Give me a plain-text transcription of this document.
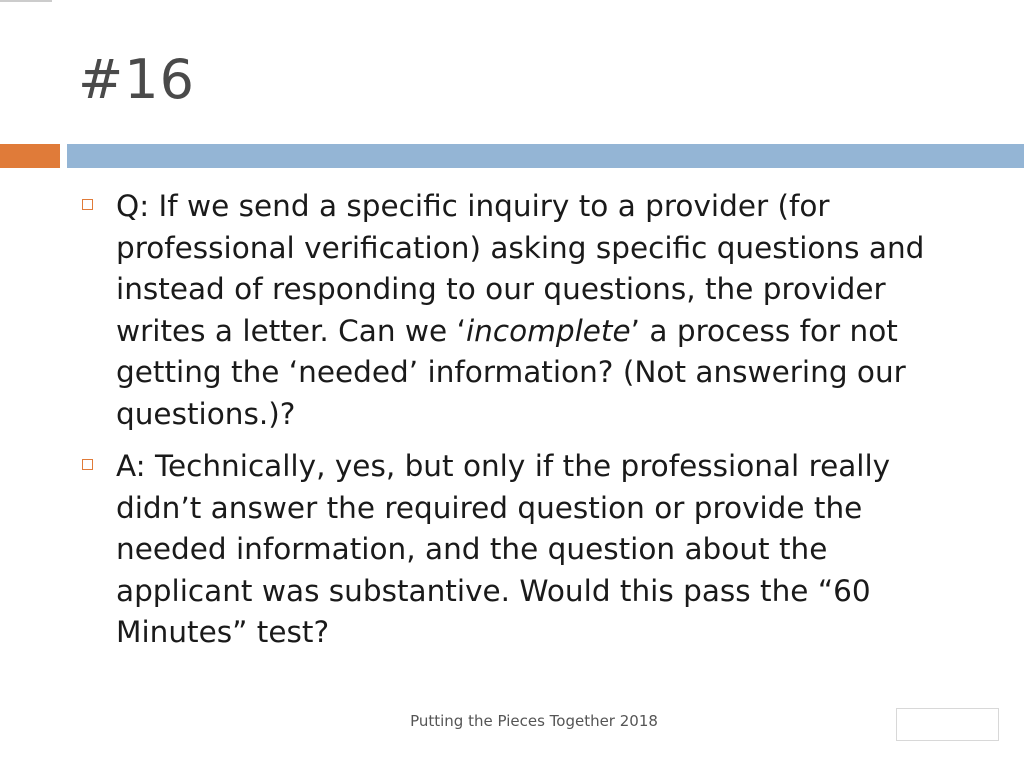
#16
Q: If we send a specific inquiry to a provider (for professional verification) asking specific questions and instead of responding to our questions, the provider writes a letter. Can we ‘incomplete’ a process for not getting the ‘needed’ information? (Not answering our questions.)?
A: Technically, yes, but only if the professional really didn’t answer the required question or provide the needed information, and the question about the applicant was substantive. Would this pass the “60 Minutes” test?
Putting the Pieces Together 2018
